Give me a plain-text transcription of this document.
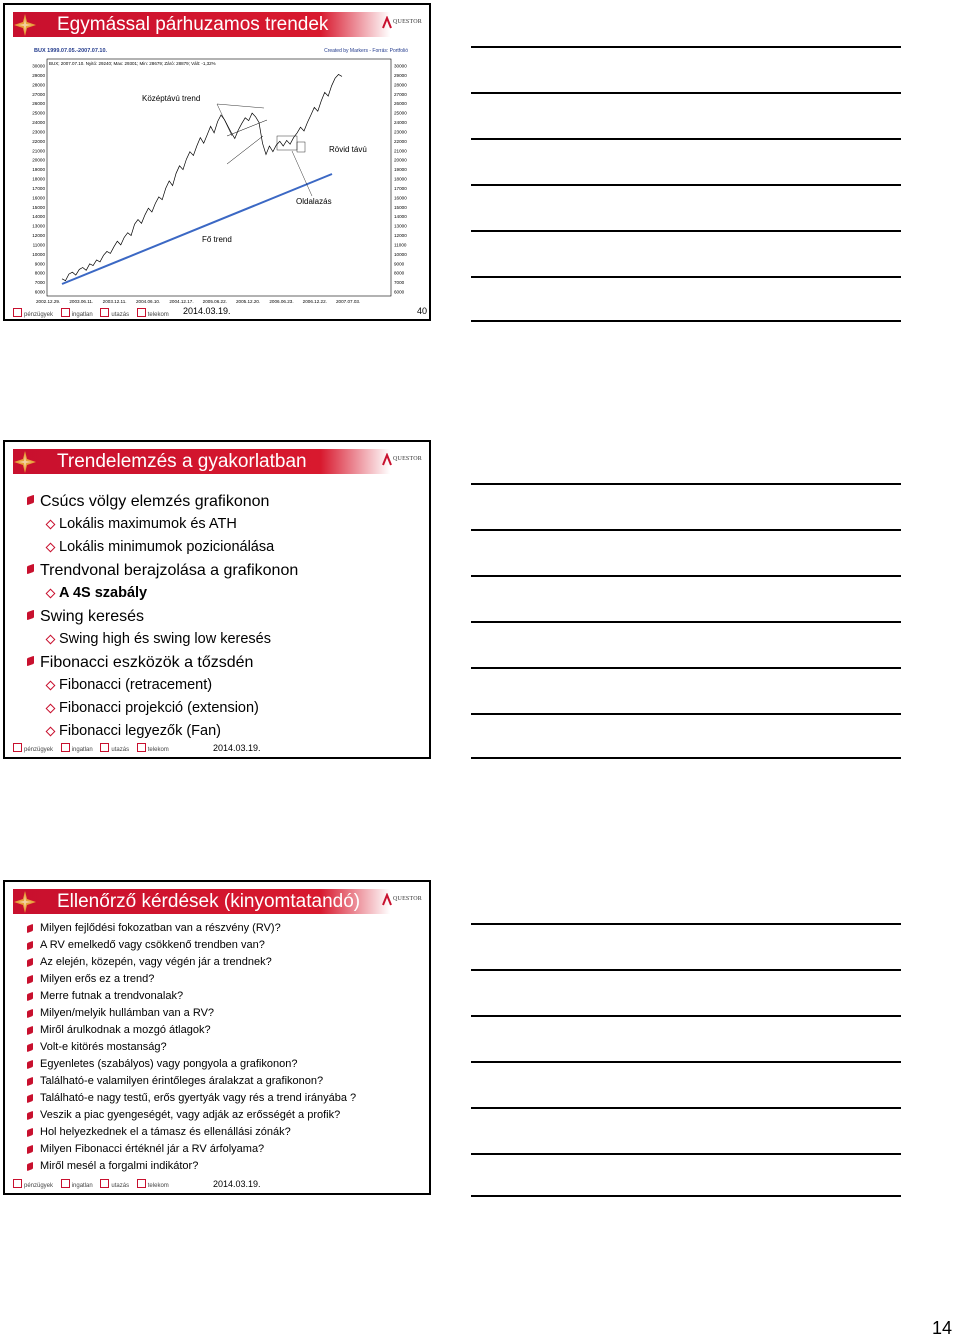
Egymással párhuzamos trendek	QUESTOR
BUX 1999.07.05.-2007.07.10.	Created by Markers - Forrás: Portfolió
BUX; 2007.07.10. Nyitó: 29240; Max: 29301; Min: 28679; Záró: 28879; Vált: -1,32%
30000
29000
28000
27000
26000
25000
24000
23000
22000
21000
20000
19000
18000
17000
16000
15000
14000
13000
12000
11000
10000
9000
8000
7000
6000
30000
29000
28000
27000
26000
25000
24000
23000
22000
21000
20000
19000
18000
17000
16000
15000
14000
13000
12000
11000
10000
9000
8000
7000
6000
2002.12.29. 2003.06.11. 2003.12.11. 2004.06.10. 2004.12.17. 2005.06.22. 2005.12.20. 2006.06.23. 2006.12.22. 2007.07.03.
Középtávú trend
Rövid távú
Oldalazás
Fő trend
pénzügyek	ingatlan	utazás	telekom 2014.03.19.	40
Trendelemzés a gyakorlatban	QUESTOR
Csúcs völgy elemzés grafikonon
Lokális maximumok és ATH
Lokális minimumok pozicionálása
Trendvonal berajzolása a grafikonon
A 4S szabály
Swing keresés
Swing high és swing low keresés
Fibonacci eszközök a tőzsdén
Fibonacci (retracement)
Fibonacci projekció (extension)
Fibonacci legyezők (Fan)
pénzügyek	ingatlan	utazás	telekom	2014.03.19.
Ellenőrző kérdések (kinyomtatandó)	QUESTOR
Milyen fejlődési fokozatban van a részvény (RV)?
A RV emelkedő vagy csökkenő trendben van?
Az elején, közepén, vagy végén jár a trendnek?
Milyen erős ez a trend?
Merre futnak a trendvonalak?
Milyen/melyik hullámban van a RV?
Miről árulkodnak a mozgó átlagok?
Volt-e kitörés mostanság?
Egyenletes (szabályos) vagy pongyola a grafikonon?
Található-e valamilyen érintőleges áralakzat a grafikonon?
Található-e nagy testű, erős gyertyák vagy rés a trend irányába ?
Veszik a piac gyengeségét, vagy adják az erősségét a profik?
Hol helyezkednek el a támasz és ellenállási zónák?
Milyen Fibonacci értéknél jár a RV árfolyama?
Miről mesél a forgalmi indikátor?
pénzügyek	ingatlan	utazás	telekom	2014.03.19.
14
